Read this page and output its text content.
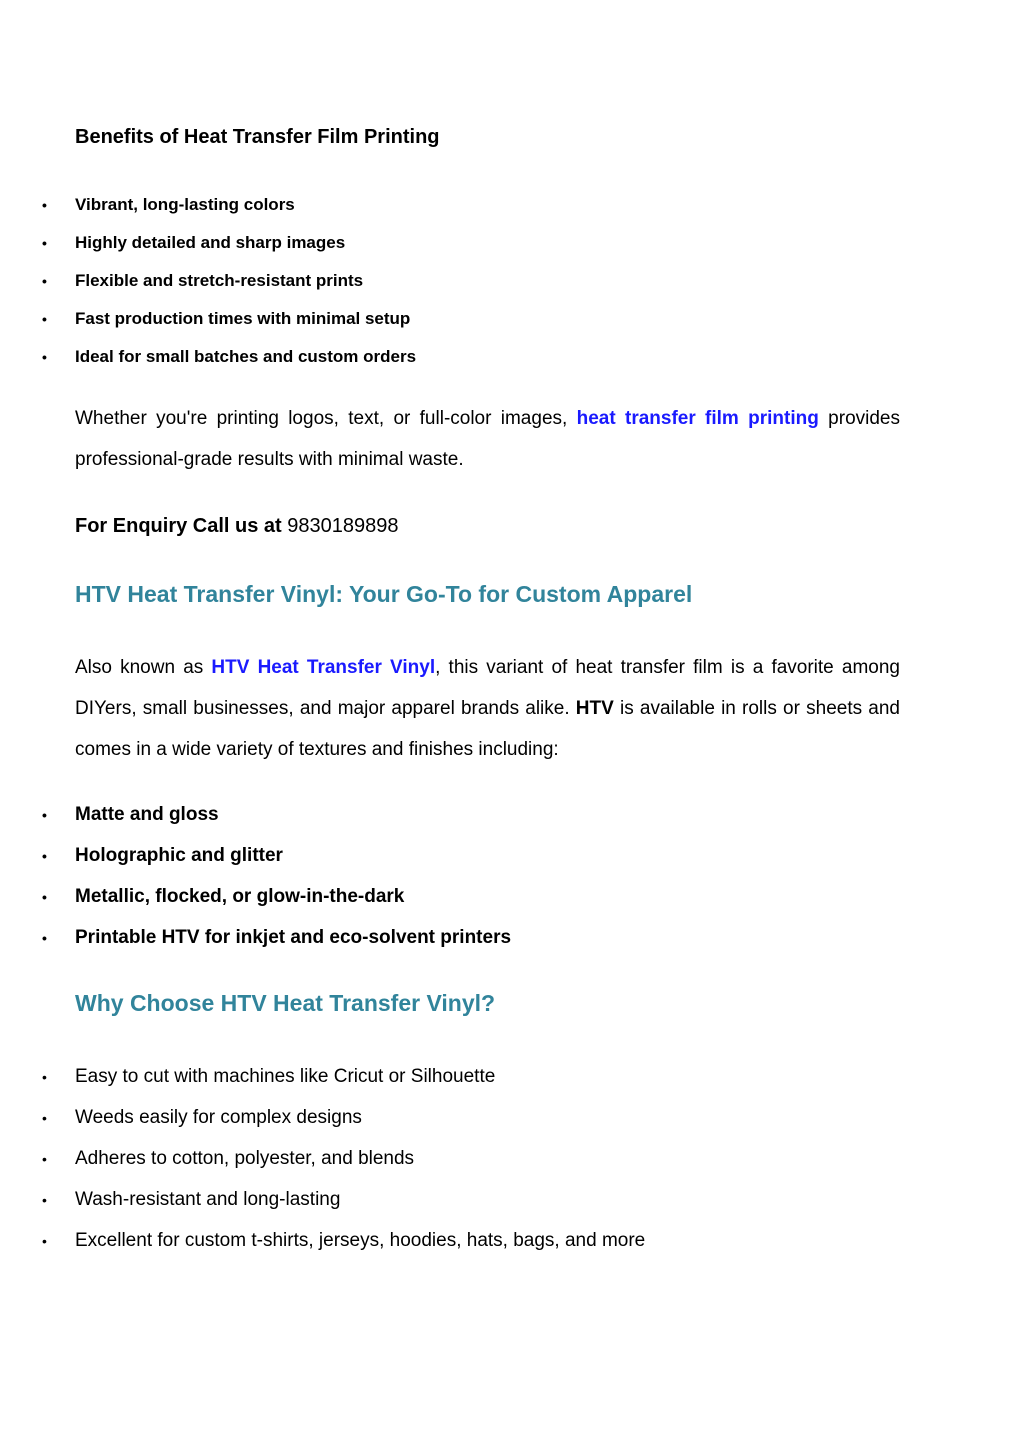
Benefits of Heat Transfer Film Printing
• Vibrant, long-lasting colors
• Highly detailed and sharp images
• Flexible and stretch-resistant prints
• Fast production times with minimal setup
• Ideal for small batches and custom orders

Whether you're printing logos, text, or full-color images, heat transfer film printing provides professional-grade results with minimal waste.

For Enquiry Call us at 9830189898

HTV Heat Transfer Vinyl: Your Go-To for Custom Apparel

Also known as HTV Heat Transfer Vinyl, this variant of heat transfer film is a favorite among DIYers, small businesses, and major apparel brands alike. HTV is available in rolls or sheets and comes in a wide variety of textures and finishes including:

• Matte and gloss
• Holographic and glitter
• Metallic, flocked, or glow-in-the-dark
• Printable HTV for inkjet and eco-solvent printers
Why Choose HTV Heat Transfer Vinyl?
• Easy to cut with machines like Cricut or Silhouette
• Weeds easily for complex designs
• Adheres to cotton, polyester, and blends
• Wash-resistant and long-lasting
• Excellent for custom t-shirts, jerseys, hoodies, hats, bags, and more
